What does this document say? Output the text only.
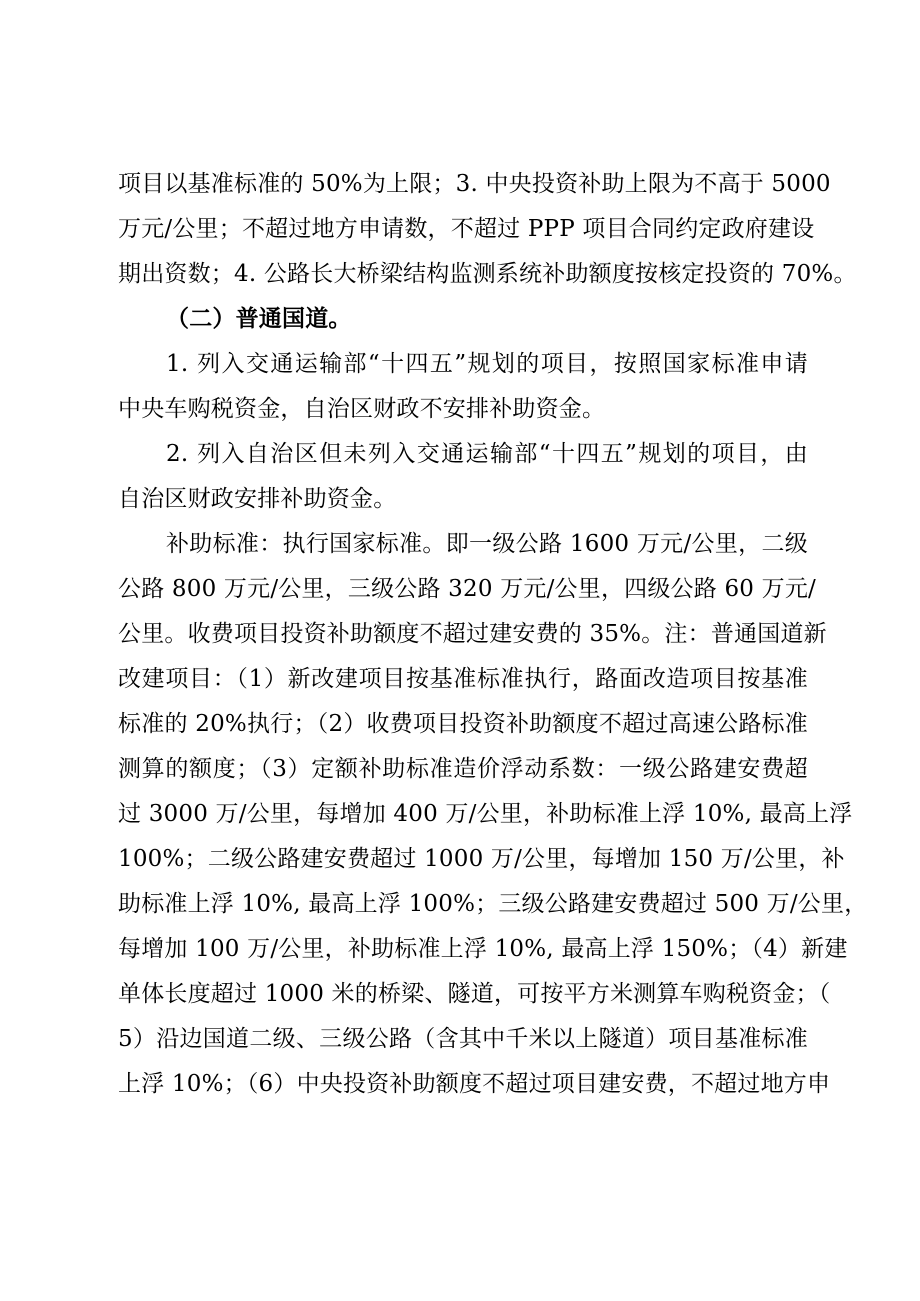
项目以基准标准的 50%为上限；3. 中央投资补助上限为不高于 5000
万元/公里；不超过地方申请数，不超过 PPP 项目合同约定政府建设
期出资数；4. 公路长大桥梁结构监测系统补助额度按核定投资的 70%。
（二）普通国道。
1. 列入交通运输部“十四五”规划的项目，按照国家标准申请
中央车购税资金，自治区财政不安排补助资金。
2. 列入自治区但未列入交通运输部“十四五”规划的项目，由
自治区财政安排补助资金。
补助标准：执行国家标准。即一级公路 1600 万元/公里，二级
公路 800 万元/公里，三级公路 320 万元/公里，四级公路 60 万元/
公里。收费项目投资补助额度不超过建安费的 35%。注：普通国道新
改建项目：（1）新改建项目按基准标准执行，路面改造项目按基准
标准的 20%执行；（2）收费项目投资补助额度不超过高速公路标准
测算的额度；（3）定额补助标准造价浮动系数：一级公路建安费超
过 3000 万/公里，每增加 400 万/公里，补助标准上浮 10%, 最高上浮
100%；二级公路建安费超过 1000 万/公里，每增加 150 万/公里，补
助标准上浮 10%, 最高上浮 100%；三级公路建安费超过 500 万/公里，
每增加 100 万/公里，补助标准上浮 10%, 最高上浮 150%；（4）新建
单体长度超过 1000 米的桥梁、隧道，可按平方米测算车购税资金；（
5）沿边国道二级、三级公路（含其中千米以上隧道）项目基准标准
上浮 10%；（6）中央投资补助额度不超过项目建安费，不超过地方申
